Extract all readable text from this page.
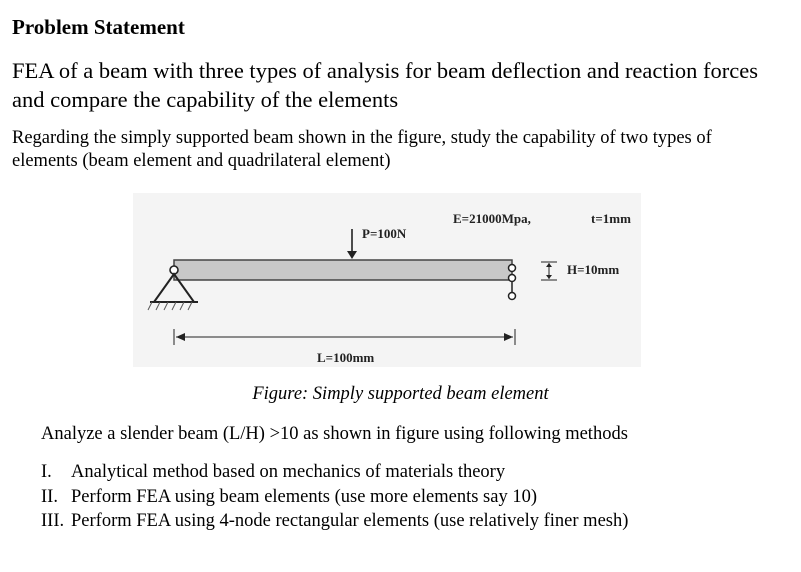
Problem Statement
FEA of a beam with three types of analysis for beam deflection and reaction forces and compare the capability of the elements
Regarding the simply supported beam shown in the figure, study the capability of two types of elements (beam element and quadrilateral element)
P=100N
E=21000Mpa,	t=1mm
H=10mm
L=100mm
Figure: Simply supported beam element
Analyze a slender beam (L/H) >10 as shown in figure using following methods
I. Analytical method based on mechanics of materials theory
II. Perform FEA using beam elements (use more elements say 10)
III. Perform FEA using 4-node rectangular elements (use relatively finer mesh)
